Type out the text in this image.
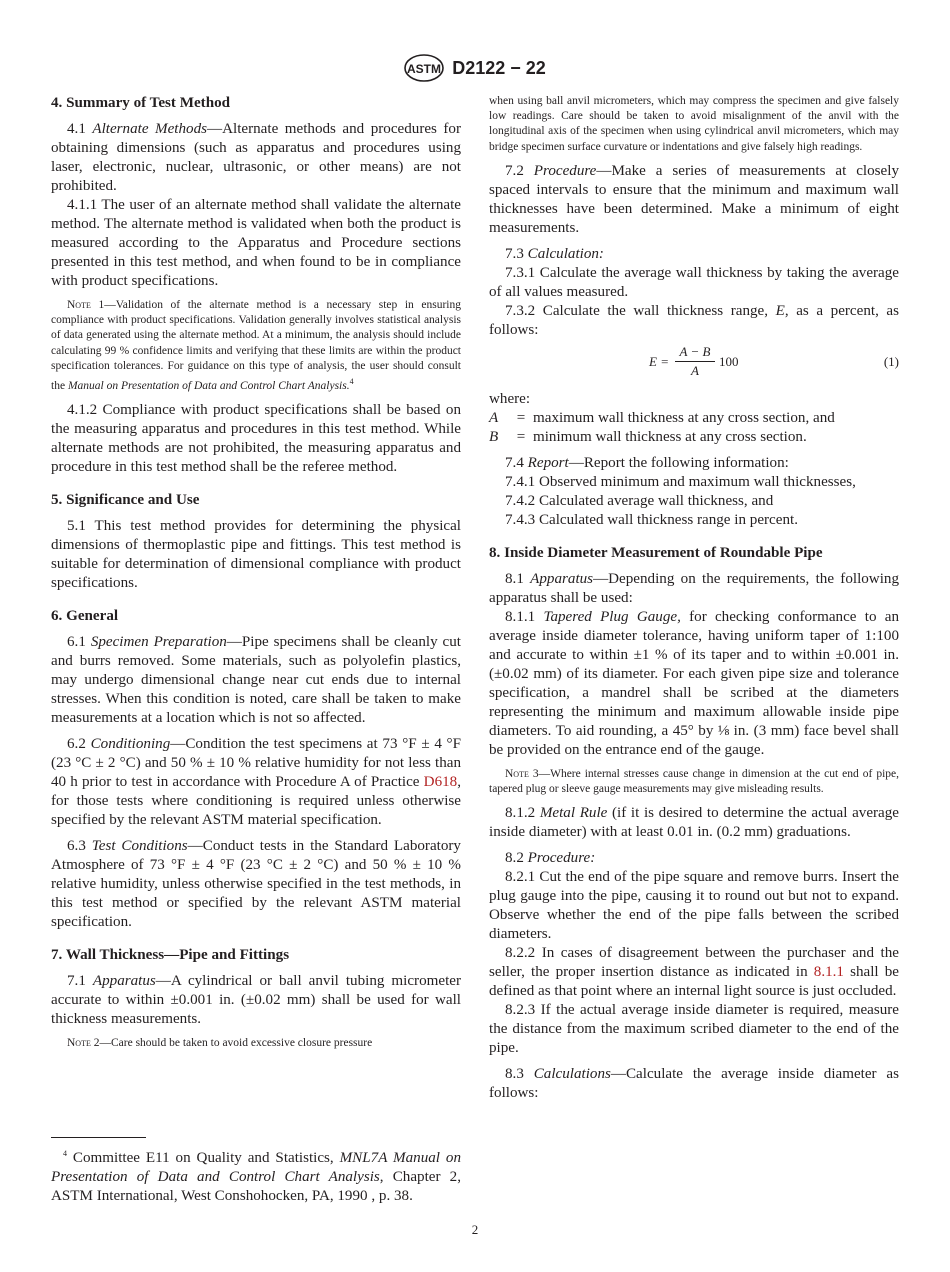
ASTM D2122 − 22
4. Summary of Test Method

4.1 Alternate Methods—Alternate methods and procedures for obtaining dimensions (such as apparatus and procedures using laser, electronic, nuclear, ultrasonic, or other means) are not prohibited.

4.1.1 The user of an alternate method shall validate the alternate method. The alternate method is validated when both the product is measured according to the Apparatus and Procedure sections presented in this test method, and when found to be in compliance with product specifications.

Note 1—Validation of the alternate method is a necessary step in ensuring compliance with product specifications. Validation generally involves statistical analysis of data generated using the alternate method. At a minimum, the analysis should include calculating 99 % confidence limits and verifying that these limits are within the product specification tolerances. For guidance on this type of analysis, the user should consult the Manual on Presentation of Data and Control Chart Analysis.$^4$

4.1.2 Compliance with product specifications shall be based on the measuring apparatus and procedures in this test method. While alternate methods are not prohibited, the measuring apparatus and procedure in this test method shall be the referee method.

5. Significance and Use

5.1 This test method provides for determining the physical dimensions of thermoplastic pipe and fittings. This test method is suitable for determination of dimensional compliance with product specifications.

6. General

6.1 Specimen Preparation—Pipe specimens shall be cleanly cut and burrs removed. Some materials, such as polyolefin plastics, may undergo dimensional change near cut ends due to internal stresses. When this condition is noted, care shall be taken to make measurements at a location which is not so affected.

6.2 Conditioning—Condition the test specimens at 73 °F ± 4 °F (23 °C ± 2 °C) and 50 % ± 10 % relative humidity for not less than 40 h prior to test in accordance with Procedure A of Practice D618, for those tests where conditioning is required unless otherwise specified by the relevant ASTM material specification.

6.3 Test Conditions—Conduct tests in the Standard Laboratory Atmosphere of 73 °F ± 4 °F (23 °C ± 2 °C) and 50 % ± 10 % relative humidity, unless otherwise specified in the test methods, in this test method or specified by the relevant ASTM material specification.

7. Wall Thickness—Pipe and Fittings

7.1 Apparatus—A cylindrical or ball anvil tubing micrometer accurate to within ±0.001 in. (±0.02 mm) shall be used for wall thickness measurements.

Note 2—Care should be taken to avoid excessive closure pressure

$^4$ Committee E11 on Quality and Statistics, MNL7A Manual on Presentation of Data and Control Chart Analysis, Chapter 2, ASTM International, West Conshohocken, PA, 1990 , p. 38.

when using ball anvil micrometers, which may compress the specimen and give falsely low readings. Care should be taken to avoid misalignment of the anvil with the longitudinal axis of the specimen when using cylindrical anvil micrometers, which may bridge specimen surface curvature or indentations and give falsely high readings.

7.2 Procedure—Make a series of measurements at closely spaced intervals to ensure that the minimum and maximum wall thicknesses have been determined. Make a minimum of eight measurements.

7.3 Calculation:

7.3.1 Calculate the average wall thickness by taking the average of all values measured.

7.3.2 Calculate the wall thickness range, E, as a percent, as follows:

$E = \frac{A - B}{A} 100$	(1)

where:

A	= maximum wall thickness at any cross section, and
B	= minimum wall thickness at any cross section.

7.4 Report—Report the following information:

7.4.1 Observed minimum and maximum wall thicknesses,

7.4.2 Calculated average wall thickness, and

7.4.3 Calculated wall thickness range in percent.

8. Inside Diameter Measurement of Roundable Pipe

8.1 Apparatus—Depending on the requirements, the following apparatus shall be used:

8.1.1 Tapered Plug Gauge, for checking conformance to an average inside diameter tolerance, having uniform taper of 1:100 and accurate to within ±1 % of its taper and to within ±0.001 in. (±0.02 mm) of its diameter. For each given pipe size and tolerance specification, a mandrel shall be scribed at the diameters representing the minimum and maximum allowable inside pipe diameters. To aid rounding, a 45° by ⅛ in. (3 mm) face bevel shall be provided on the entrance end of the gauge.

Note 3—Where internal stresses cause change in dimension at the cut end of pipe, tapered plug or sleeve gauge measurements may give misleading results.

8.1.2 Metal Rule (if it is desired to determine the actual average inside diameter) with at least 0.01 in. (0.2 mm) graduations.

8.2 Procedure:

8.2.1 Cut the end of the pipe square and remove burrs. Insert the plug gauge into the pipe, causing it to round out but not to expand. Observe whether the end of the pipe falls between the scribed diameters.

8.2.2 In cases of disagreement between the purchaser and the seller, the proper insertion distance as indicated in 8.1.1 shall be defined as that point where an internal light source is just occluded.

8.2.3 If the actual average inside diameter is required, measure the distance from the maximum scribed diameter to the end of the pipe.

8.3 Calculations—Calculate the average inside diameter as follows:

2
